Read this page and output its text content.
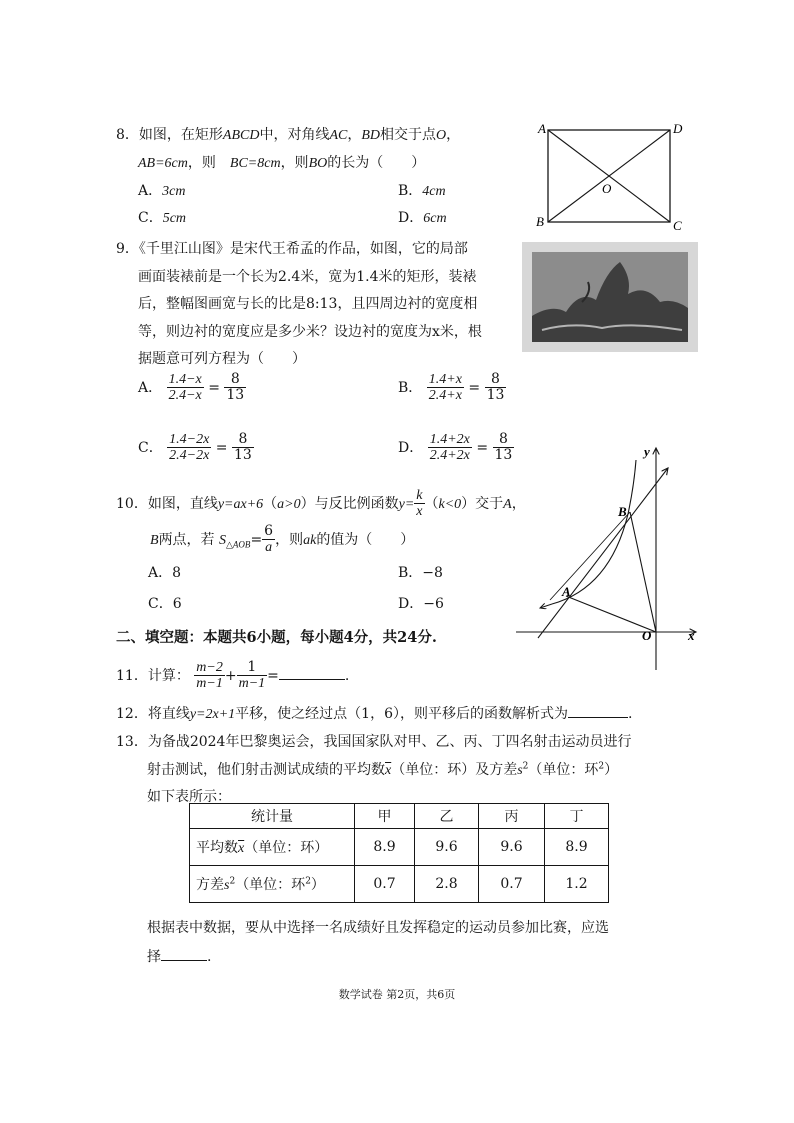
8．如图，在矩形ABCD中，对角线AC，BD相交于点O，
AB=6cm，则　 BC=8cm，则BO的长为（　　）
A．3cm	B．4cm
C．5cm	D．6cm
A	D
B	C
O
9．《千里江山图》是宋代王希孟的作品，如图，它的局部
画面装裱前是一个长为2.4米，宽为1.4米的矩形，装裱
后，整幅图画宽与长的比是8:13，且四周边衬的宽度相
等，则边衬的宽度应是多少米？设边衬的宽度为x米，根
据题意可列方程为（　　）
A． $\frac{1.4-x}{2.4-x} = \frac{8}{13}$	B． $\frac{1.4+x}{2.4+x} = \frac{8}{13}$
C． $\frac{1.4-2x}{2.4-2x} = \frac{8}{13}$	D． $\frac{1.4+2x}{2.4+2x} = \frac{8}{13}$
10．如图，直线y=ax+6（a>0）与反比例函数$y= \frac{k}{x} (k<0)$交于A，
B两点，若 $S_{\triangle AOB}= \frac{6}{a}$ ，则ak的值为（　　）
A．8	B．−8
C．6	D．−6
y
x
B
A
O
二、填空题：本题共6小题，每小题4分，共24分.
11．计算： $\frac{m-2}{m-1} + \frac{1}{m-1}$ =	.
12．将直线y=2x+1平移，使之经过点（1，6），则平移后的函数解析式为	.
13．为备战2024年巴黎奥运会，我国国家队对甲、乙、丙、丁四名射击运动员进行
射击测试，他们射击测试成绩的平均数$\overline{x}$（单位：环）及方差$s^2$（单位：环$^2$）
如下表所示：
统计量	甲	乙	丙	丁
平均数$\overline{x}$（单位：环）	8.9	9.6	9.6	8.9
方差$s^2$（单位：环$^2$）	0.7	2.8	0.7	1.2
根据表中数据，要从中选择一名成绩好且发挥稳定的运动员参加比赛，应选
择	.
数学试卷 第2页，共6页
